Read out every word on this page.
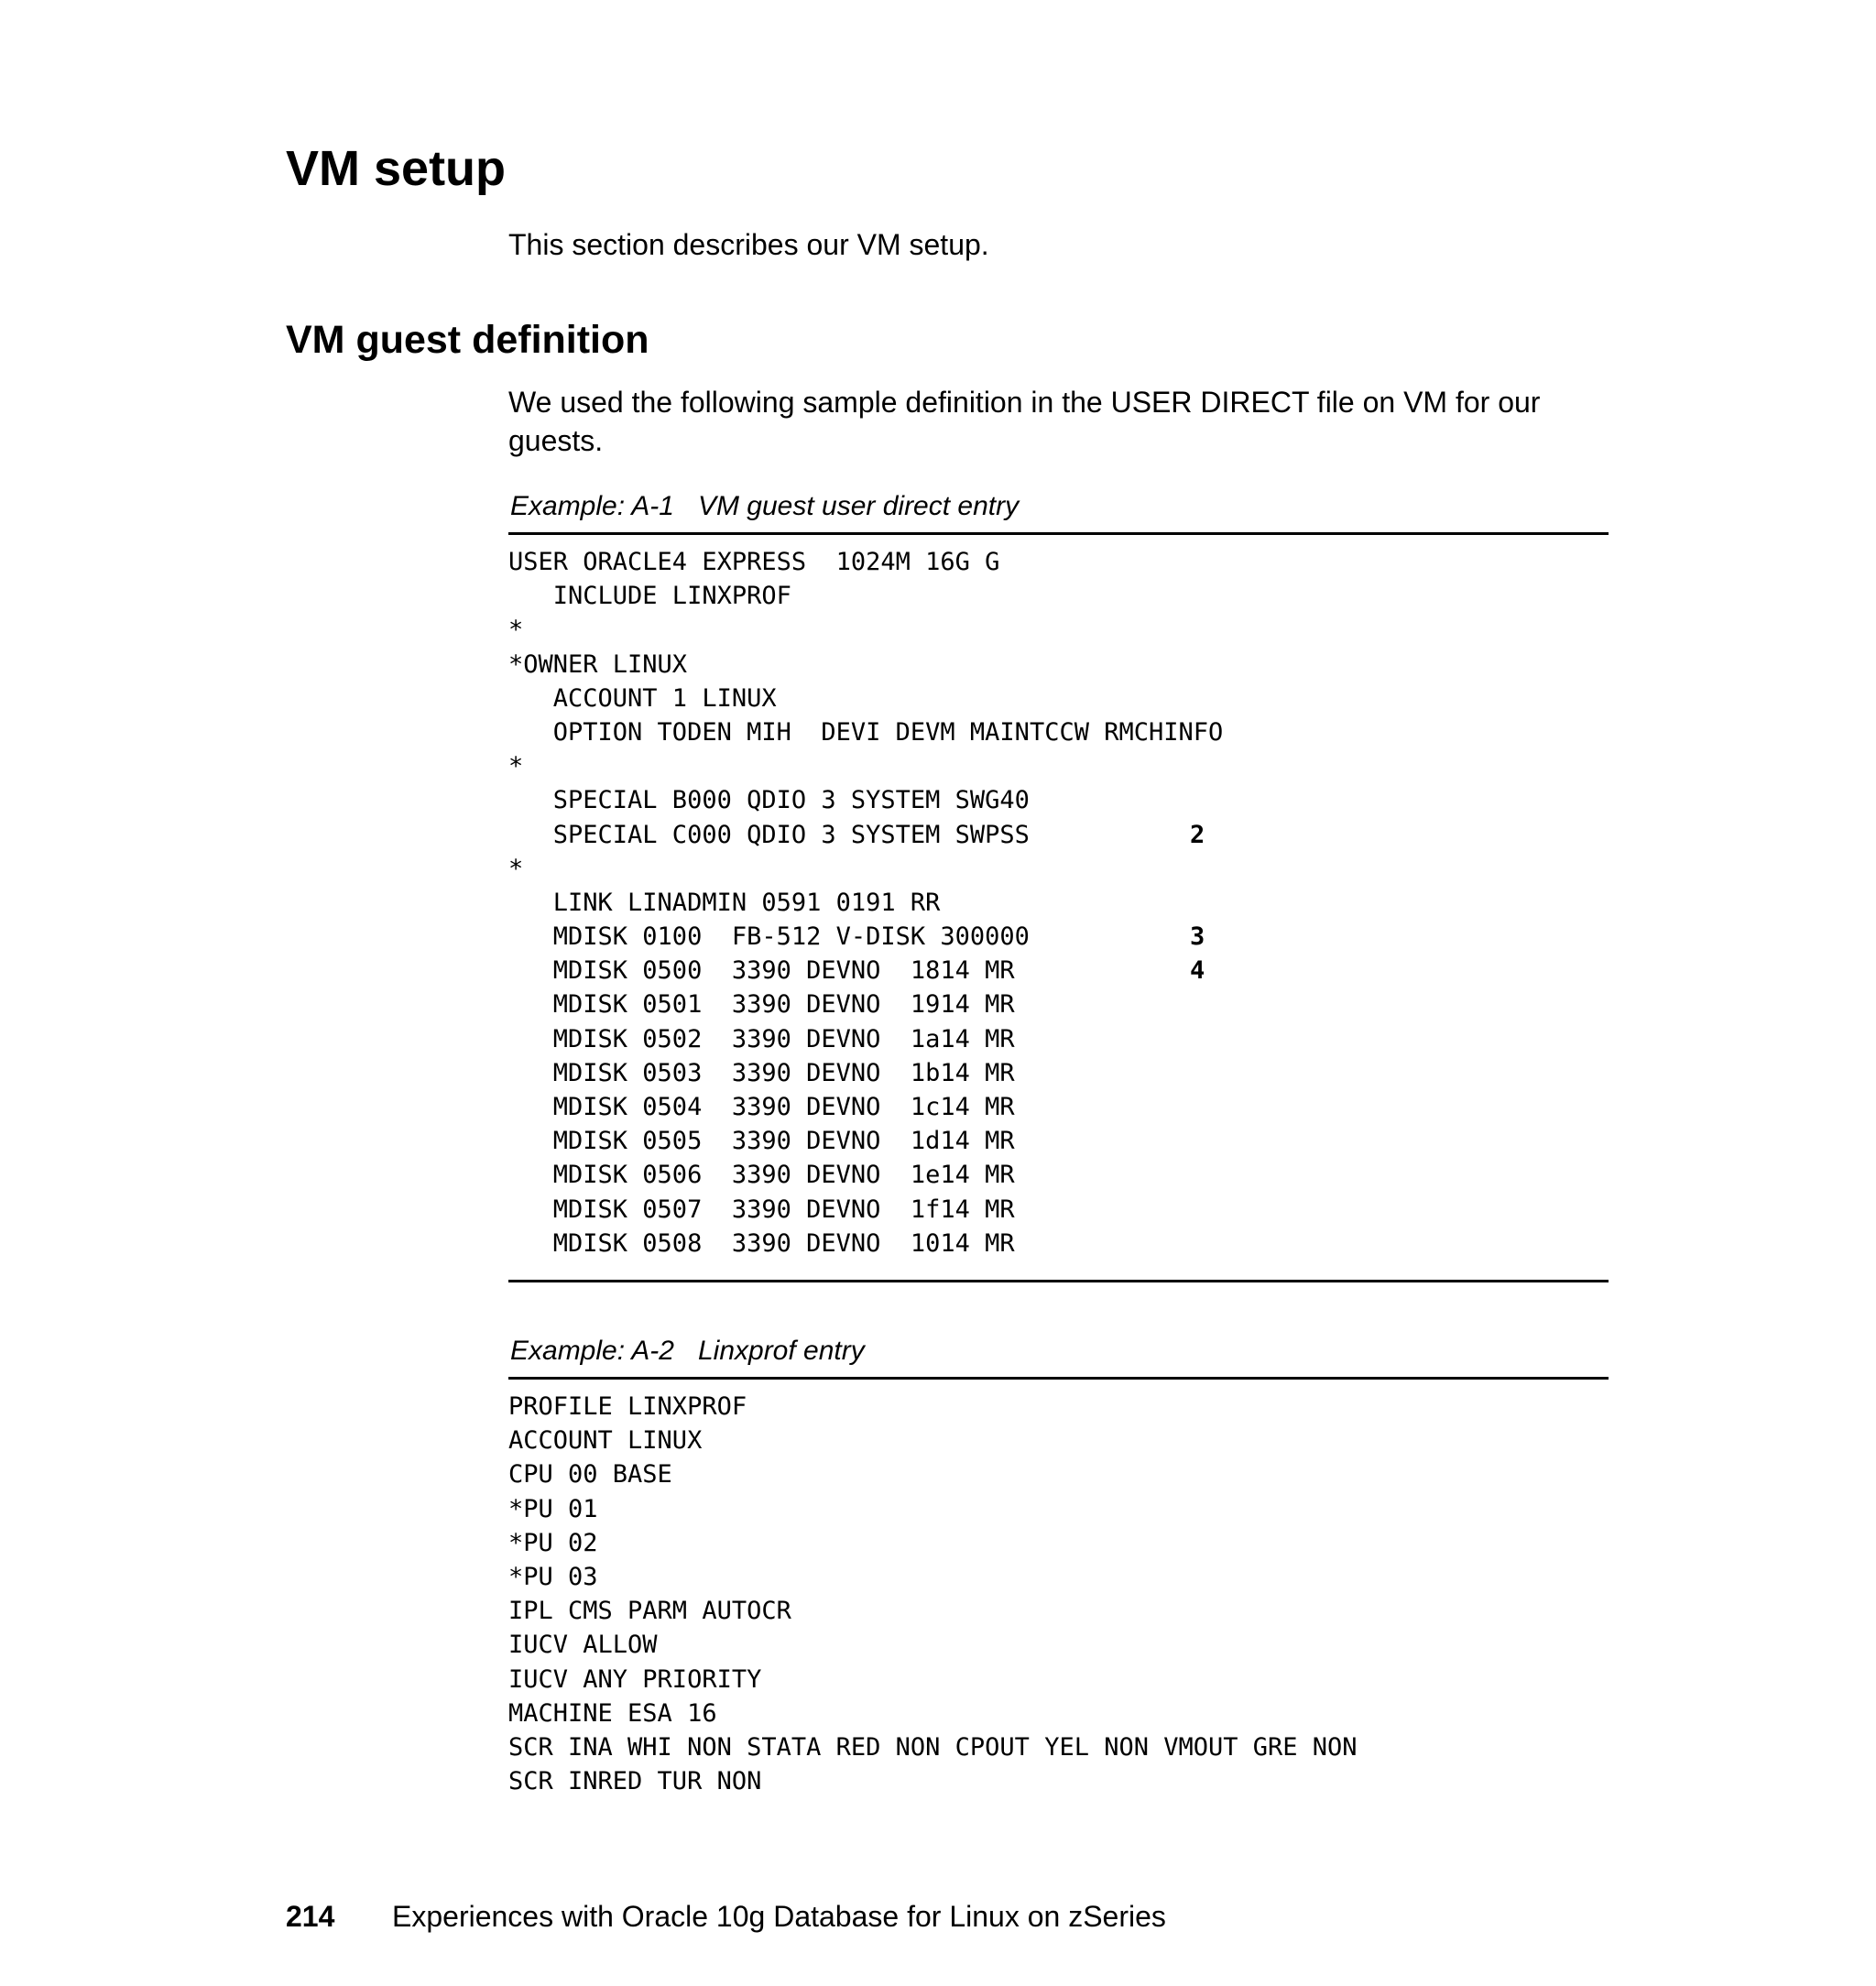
VM setup

This section describes our VM setup.

VM guest definition

We used the following sample definition in the USER DIRECT file on VM for our guests.

Example: A-1 VM guest user direct entry
USER ORACLE4 EXPRESS  1024M 16G G
INCLUDE LINXPROF
*
*OWNER LINUX
ACCOUNT 1 LINUX
OPTION TODEN MIH  DEVI DEVM MAINTCCW RMCHINFO
*
SPECIAL B000 QDIO 3 SYSTEM SWG40
SPECIAL C000 QDIO 3 SYSTEM SWPSS	2
*
LINK LINADMIN 0591 0191 RR
MDISK 0100  FB-512 V-DISK 300000	3
MDISK 0500  3390 DEVNO  1814 MR	4
MDISK 0501  3390 DEVNO  1914 MR
MDISK 0502  3390 DEVNO  1a14 MR
MDISK 0503  3390 DEVNO  1b14 MR
MDISK 0504  3390 DEVNO  1c14 MR
MDISK 0505  3390 DEVNO  1d14 MR
MDISK 0506  3390 DEVNO  1e14 MR
MDISK 0507  3390 DEVNO  1f14 MR
MDISK 0508  3390 DEVNO  1014 MR
Example: A-2 Linxprof entry
PROFILE LINXPROF
ACCOUNT LINUX
CPU 00 BASE
*PU 01
*PU 02
*PU 03
IPL CMS PARM AUTOCR
IUCV ALLOW
IUCV ANY PRIORITY
MACHINE ESA 16
SCR INA WHI NON STATA RED NON CPOUT YEL NON VMOUT GRE NON
SCR INRED TUR NON
214 Experiences with Oracle 10g Database for Linux on zSeries
